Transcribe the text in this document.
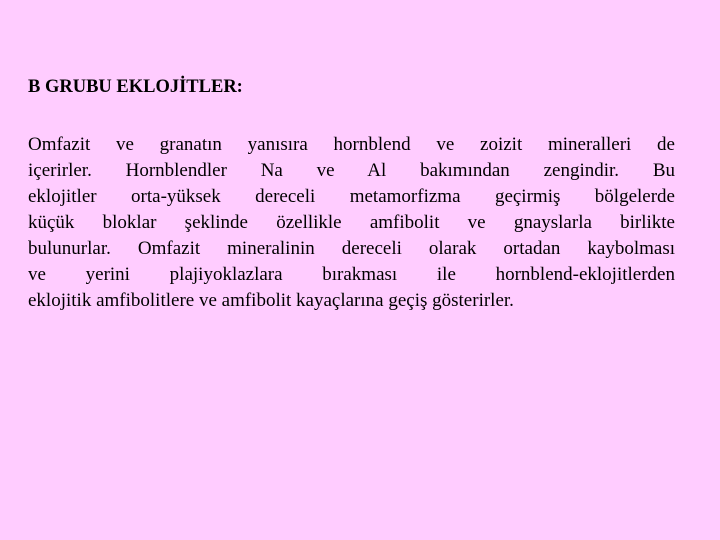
B GRUBU EKLOJİTLER:
Omfazit ve granatın yanısıra hornblend ve zoizit mineralleri de
içerirler. Hornblendler Na ve Al bakımından zengindir. Bu
eklojitler orta-yüksek dereceli metamorfizma geçirmiş bölgelerde
küçük bloklar şeklinde özellikle amfibolit ve gnayslarla birlikte
bulunurlar. Omfazit mineralinin dereceli olarak ortadan kaybolması
ve yerini plajiyoklazlara bırakması ile hornblend-eklojitlerden
eklojitik amfibolitlere ve amfibolit kayaçlarına geçiş gösterirler.
